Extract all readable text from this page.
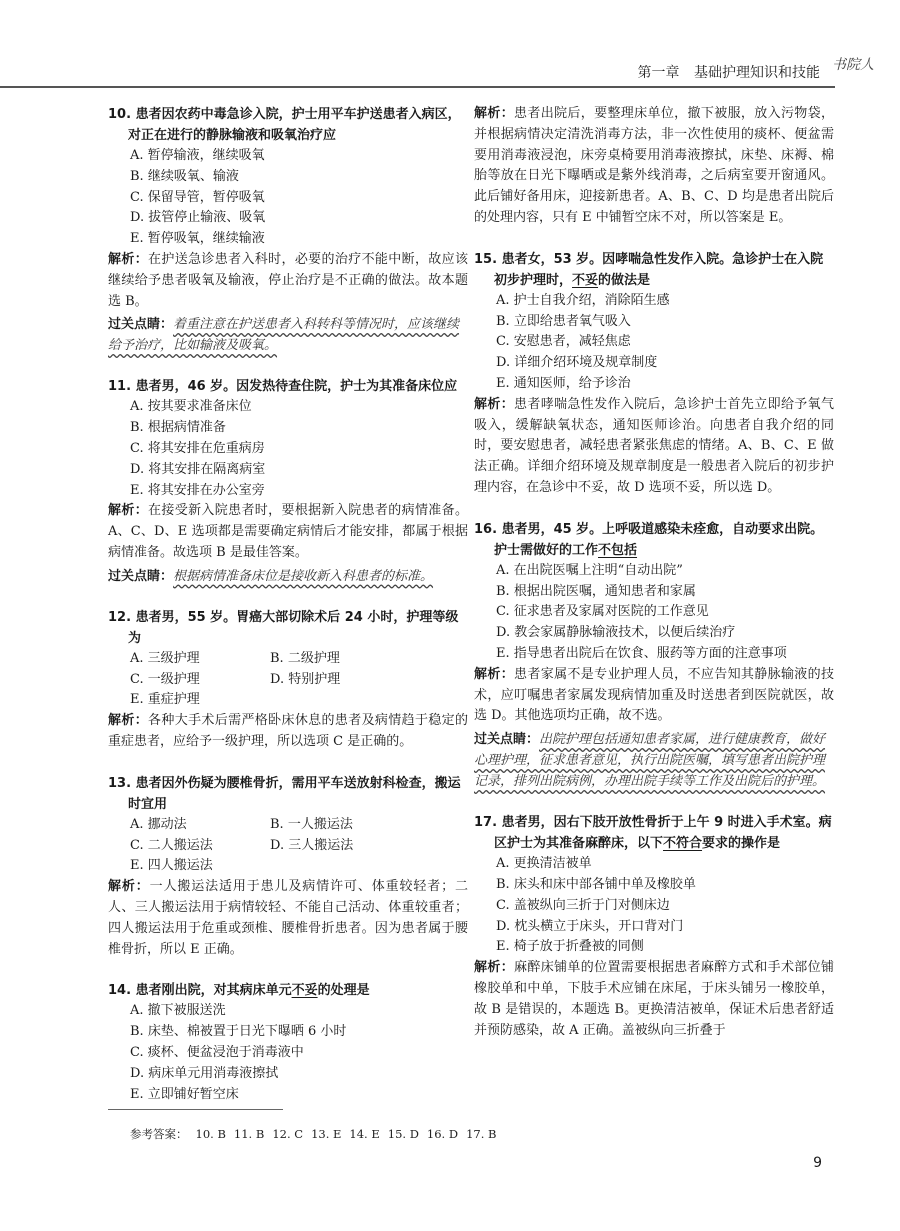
第一章 基础护理知识和技能 书院人
10. 患者因农药中毒急诊入院，护士用平车护送患者入病区，对正在进行的静脉输液和吸氧治疗应
A. 暂停输液，继续吸氧
B. 继续吸氧、输液
C. 保留导管，暂停吸氧
D. 拔管停止输液、吸氧
E. 暂停吸氧，继续输液
解析：在护送急诊患者入科时，必要的治疗不能中断，故应该继续给予患者吸氧及输液，停止治疗是不正确的做法。故本题选 B。
过关点睛：着重注意在护送患者入科转科等情况时，应该继续给予治疗，比如输液及吸氧。
11. 患者男，46 岁。因发热待查住院，护士为其准备床位应
A. 按其要求准备床位
B. 根据病情准备
C. 将其安排在危重病房
D. 将其安排在隔离病室
E. 将其安排在办公室旁
解析：在接受新入院患者时，要根据新入院患者的病情准备。A、C、D、E 选项都是需要确定病情后才能安排，都属于根据病情准备。故选项 B 是最佳答案。
过关点睛：根据病情准备床位是接收新入科患者的标准。
12. 患者男，55 岁。胃癌大部切除术后 24 小时，护理等级为
A. 三级护理	B. 二级护理
C. 一级护理	D. 特别护理
E. 重症护理
解析：各种大手术后需严格卧床休息的患者及病情趋于稳定的重症患者，应给予一级护理，所以选项 C 是正确的。
13. 患者因外伤疑为腰椎骨折，需用平车送放射科检查，搬运时宜用
A. 挪动法	B. 一人搬运法
C. 二人搬运法	D. 三人搬运法
E. 四人搬运法
解析：一人搬运法适用于患儿及病情许可、体重较轻者；二人、三人搬运法用于病情较轻、不能自己活动、体重较重者；四人搬运法用于危重或颈椎、腰椎骨折患者。因为患者属于腰椎骨折，所以 E 正确。
14. 患者刚出院，对其病床单元不妥的处理是
A. 撤下被服送洗
B. 床垫、棉被置于日光下曝晒 6 小时
C. 痰杯、便盆浸泡于消毒液中
D. 病床单元用消毒液擦拭
E. 立即铺好暂空床
解析：患者出院后，要整理床单位，撤下被服，放入污物袋，并根据病情决定清洗消毒方法，非一次性使用的痰杯、便盆需要用消毒液浸泡，床旁桌椅要用消毒液擦拭，床垫、床褥、棉胎等放在日光下曝晒或是紫外线消毒，之后病室要开窗通风。此后铺好备用床，迎接新患者。A、B、C、D 均是患者出院后的处理内容，只有 E 中铺暂空床不对，所以答案是 E。
15. 患者女，53 岁。因哮喘急性发作入院。急诊护士在入院初步护理时，不妥的做法是
A. 护士自我介绍，消除陌生感
B. 立即给患者氧气吸入
C. 安慰患者，减轻焦虑
D. 详细介绍环境及规章制度
E. 通知医师，给予诊治
解析：患者哮喘急性发作入院后，急诊护士首先立即给予氧气吸入，缓解缺氧状态，通知医师诊治。向患者自我介绍的同时，要安慰患者，减轻患者紧张焦虑的情绪。A、B、C、E 做法正确。详细介绍环境及规章制度是一般患者入院后的初步护理内容，在急诊中不妥，故 D 选项不妥，所以选 D。
16. 患者男，45 岁。上呼吸道感染未痊愈，自动要求出院。护士需做好的工作不包括
A. 在出院医嘱上注明“自动出院”
B. 根据出院医嘱，通知患者和家属
C. 征求患者及家属对医院的工作意见
D. 教会家属静脉输液技术，以便后续治疗
E. 指导患者出院后在饮食、服药等方面的注意事项
解析：患者家属不是专业护理人员，不应告知其静脉输液的技术，应叮嘱患者家属发现病情加重及时送患者到医院就医，故选 D。其他选项均正确，故不选。
过关点睛：出院护理包括通知患者家属，进行健康教育，做好心理护理，征求患者意见，执行出院医嘱，填写患者出院护理记录，排列出院病例，办理出院手续等工作及出院后的护理。
17. 患者男，因右下肢开放性骨折于上午 9 时进入手术室。病区护士为其准备麻醉床，以下不符合要求的操作是
A. 更换清洁被单
B. 床头和床中部各铺中单及橡胶单
C. 盖被纵向三折于门对侧床边
D. 枕头横立于床头，开口背对门
E. 椅子放于折叠被的同侧
解析：麻醉床铺单的位置需要根据患者麻醉方式和手术部位铺橡胶单和中单，下肢手术应铺在床尾，于床头铺另一橡胶单，故 B 是错误的，本题选 B。更换清洁被单，保证术后患者舒适并预防感染，故 A 正确。盖被纵向三折叠于
参考答案： 10. B 11. B 12. C 13. E 14. E 15. D 16. D 17. B
9
